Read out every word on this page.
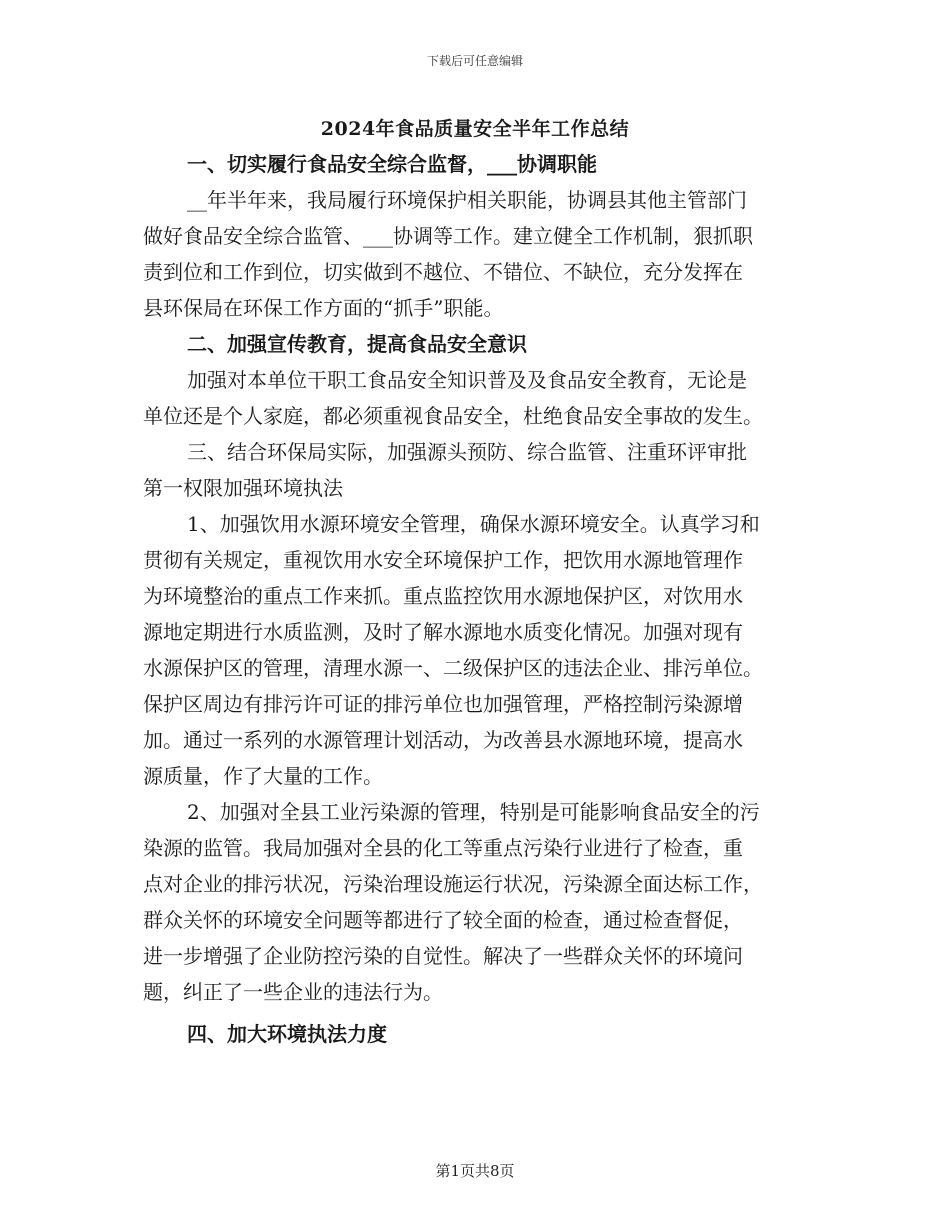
下载后可任意编辑
2024年食品质量安全半年工作总结
一、切实履行食品安全综合监督，___协调职能
__年半年来，我局履行环境保护相关职能，协调县其他主管部门
做好食品安全综合监管、___协调等工作。建立健全工作机制，狠抓职
责到位和工作到位，切实做到不越位、不错位、不缺位，充分发挥在
县环保局在环保工作方面的“抓手”职能。
二、加强宣传教育，提高食品安全意识
加强对本单位干职工食品安全知识普及及食品安全教育，无论是
单位还是个人家庭，都必须重视食品安全，杜绝食品安全事故的发生。
三、结合环保局实际，加强源头预防、综合监管、注重环评审批
第一权限加强环境执法
1、加强饮用水源环境安全管理，确保水源环境安全。认真学习和
贯彻有关规定，重视饮用水安全环境保护工作，把饮用水源地管理作
为环境整治的重点工作来抓。重点监控饮用水源地保护区，对饮用水
源地定期进行水质监测，及时了解水源地水质变化情况。加强对现有
水源保护区的管理，清理水源一、二级保护区的违法企业、排污单位。
保护区周边有排污许可证的排污单位也加强管理，严格控制污染源增
加。通过一系列的水源管理计划活动，为改善县水源地环境，提高水
源质量，作了大量的工作。
2、加强对全县工业污染源的管理，特别是可能影响食品安全的污
染源的监管。我局加强对全县的化工等重点污染行业进行了检查，重
点对企业的排污状况，污染治理设施运行状况，污染源全面达标工作，
群众关怀的环境安全问题等都进行了较全面的检查，通过检查督促，
进一步增强了企业防控污染的自觉性。解决了一些群众关怀的环境问
题，纠正了一些企业的违法行为。
四、加大环境执法力度
第1页共8页
